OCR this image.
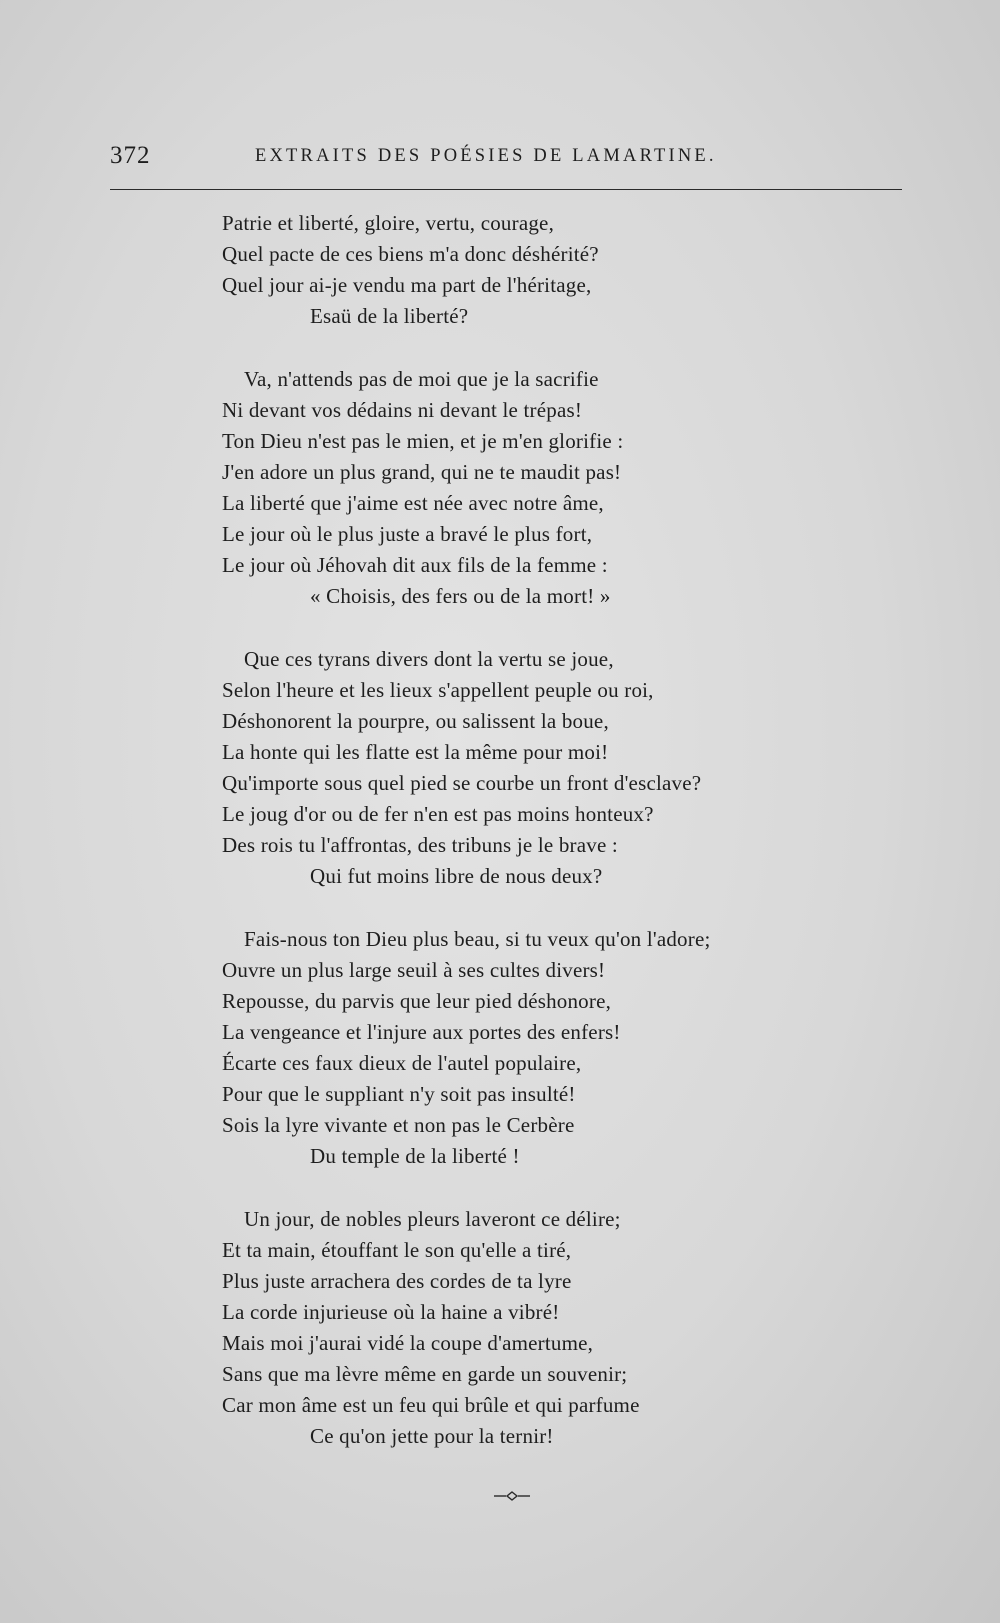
372	EXTRAITS DES POÉSIES DE LAMARTINE.
Patrie et liberté, gloire, vertu, courage,
Quel pacte de ces biens m'a donc déshérité?
Quel jour ai-je vendu ma part de l'héritage,
Esaü de la liberté?
Va, n'attends pas de moi que je la sacrifie
Ni devant vos dédains ni devant le trépas!
Ton Dieu n'est pas le mien, et je m'en glorifie :
J'en adore un plus grand, qui ne te maudit pas!
La liberté que j'aime est née avec notre âme,
Le jour où le plus juste a bravé le plus fort,
Le jour où Jéhovah dit aux fils de la femme :
« Choisis, des fers ou de la mort! »
Que ces tyrans divers dont la vertu se joue,
Selon l'heure et les lieux s'appellent peuple ou roi,
Déshonorent la pourpre, ou salissent la boue,
La honte qui les flatte est la même pour moi!
Qu'importe sous quel pied se courbe un front d'esclave?
Le joug d'or ou de fer n'en est pas moins honteux?
Des rois tu l'affrontas, des tribuns je le brave :
Qui fut moins libre de nous deux?
Fais-nous ton Dieu plus beau, si tu veux qu'on l'adore;
Ouvre un plus large seuil à ses cultes divers!
Repousse, du parvis que leur pied déshonore,
La vengeance et l'injure aux portes des enfers!
Écarte ces faux dieux de l'autel populaire,
Pour que le suppliant n'y soit pas insulté!
Sois la lyre vivante et non pas le Cerbère
Du temple de la liberté !
Un jour, de nobles pleurs laveront ce délire;
Et ta main, étouffant le son qu'elle a tiré,
Plus juste arrachera des cordes de ta lyre
La corde injurieuse où la haine a vibré!
Mais moi j'aurai vidé la coupe d'amertume,
Sans que ma lèvre même en garde un souvenir;
Car mon âme est un feu qui brûle et qui parfume
Ce qu'on jette pour la ternir!
